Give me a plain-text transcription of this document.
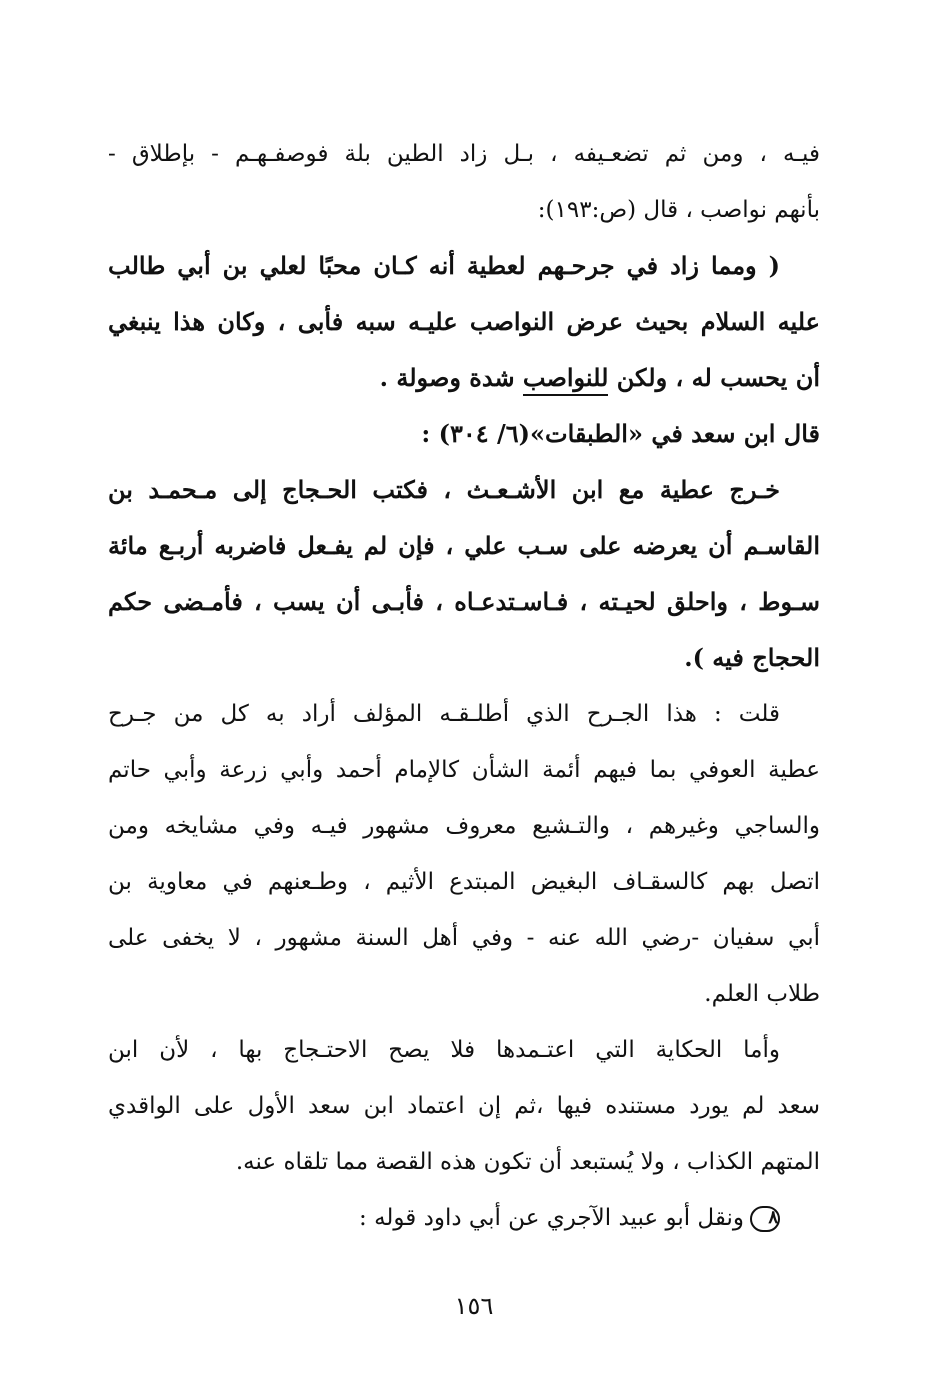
فيـه ، ومن ثم تضعـيفه ، بـل زاد الطين بلة فوصفـهـم - بإطلاق -
بأنهم نواصب ، قال (ص:١٩٣):
( ومما زاد في جرحـهم لعطية أنه كـان محبًا لعلي بن أبي طالب
عليه السلام بحيث عرض النواصب عليـه سبه فأبى ، وكان هذا ينبغي
أن يحسب له ، ولكن للنواصب شدة وصولة .
قال ابن سعد في «الطبقات»(٦/ ٣٠٤) :
خـرج عطية مع ابن الأشـعـث ، فكتب الحـجاج إلى مـحمـد بن
القاسـم أن يعرضه على سـب علي ، فإن لم يفـعل فاضربه أربـع مائة
سـوط ، واحلق لحيـته ، فـاسـتدعـاه ، فأبـى أن يسب ، فأمـضى حكم
الحجاج فيه ).
قلت : هذا الجـرح الذي أطلـقـه المؤلف أراد به كل من جـرح
عطية العوفي بما فيهم أئمة الشأن كالإمام أحمد وأبي زرعة وأبي حاتم
والساجي وغيرهم ، والتـشيع معروف مشهور فيـه وفي مشايخه ومن
اتصل بهم كالسقـاف البغيض المبتدع الأثيم ، وطـعنهم في معاوية بن
أبي سفيان -رضي الله عنه - وفي أهل السنة مشهور ، لا يخفى على
طلاب العلم.
وأما الحكاية التي اعتـمدها فلا يصح الاحتـجاج بها ، لأن ابن
سعد لم يورد مستنده فيها ،ثم إن اعتماد ابن سعد الأول على الواقدي
المتهم الكذاب ، ولا يُستبعد أن تكون هذه القصة مما تلقاه عنه.
٨ونقل أبو عبيد الآجري عن أبي داود قوله :
١٥٦
